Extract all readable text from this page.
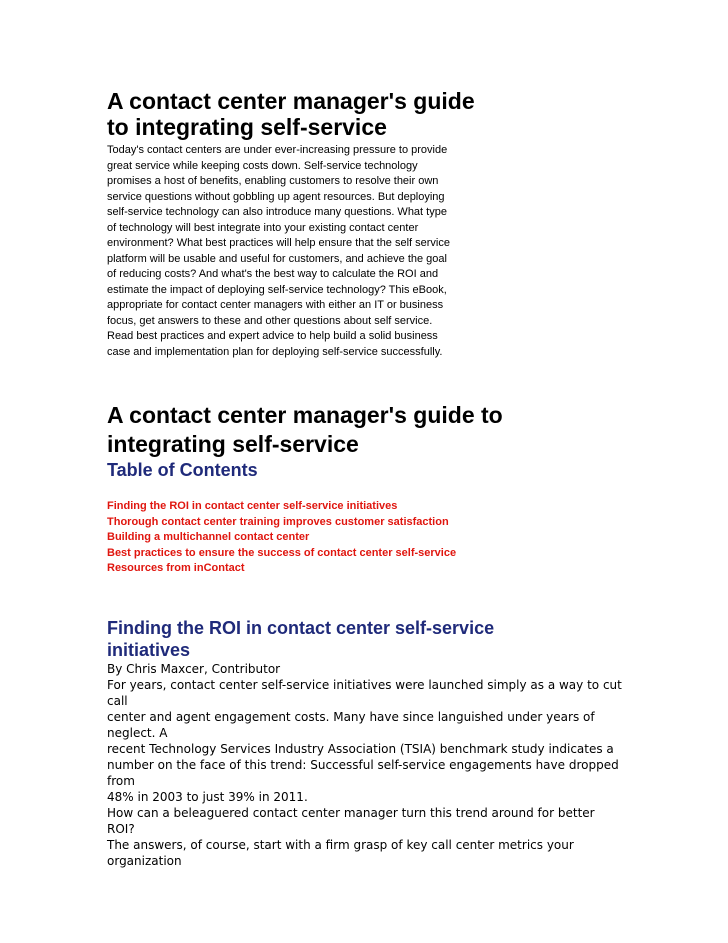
A contact center manager's guide
to integrating self-service
Today's contact centers are under ever-increasing pressure to provide
great service while keeping costs down. Self-service technology
promises a host of benefits, enabling customers to resolve their own
service questions without gobbling up agent resources. But deploying
self-service technology can also introduce many questions. What type
of technology will best integrate into your existing contact center
environment? What best practices will help ensure that the self service
platform will be usable and useful for customers, and achieve the goal
of reducing costs? And what's the best way to calculate the ROI and
estimate the impact of deploying self-service technology? This eBook,
appropriate for contact center managers with either an IT or business
focus, get answers to these and other questions about self service.
Read best practices and expert advice to help build a solid business
case and implementation plan for deploying self-service successfully.
A contact center manager's guide to
integrating self-service
Table of Contents
Finding the ROI in contact center self-service initiatives
Thorough contact center training improves customer satisfaction
Building a multichannel contact center
Best practices to ensure the success of contact center self-service
Resources from inContact
Finding the ROI in contact center self-service
initiatives
By Chris Maxcer, Contributor
For years, contact center self-service initiatives were launched simply as a way to cut
call
center and agent engagement costs. Many have since languished under years of
neglect. A
recent Technology Services Industry Association (TSIA) benchmark study indicates a
number on the face of this trend: Successful self-service engagements have dropped
from
48% in 2003 to just 39% in 2011.
How can a beleaguered contact center manager turn this trend around for better
ROI?
The answers, of course, start with a firm grasp of key call center metrics your
organization
